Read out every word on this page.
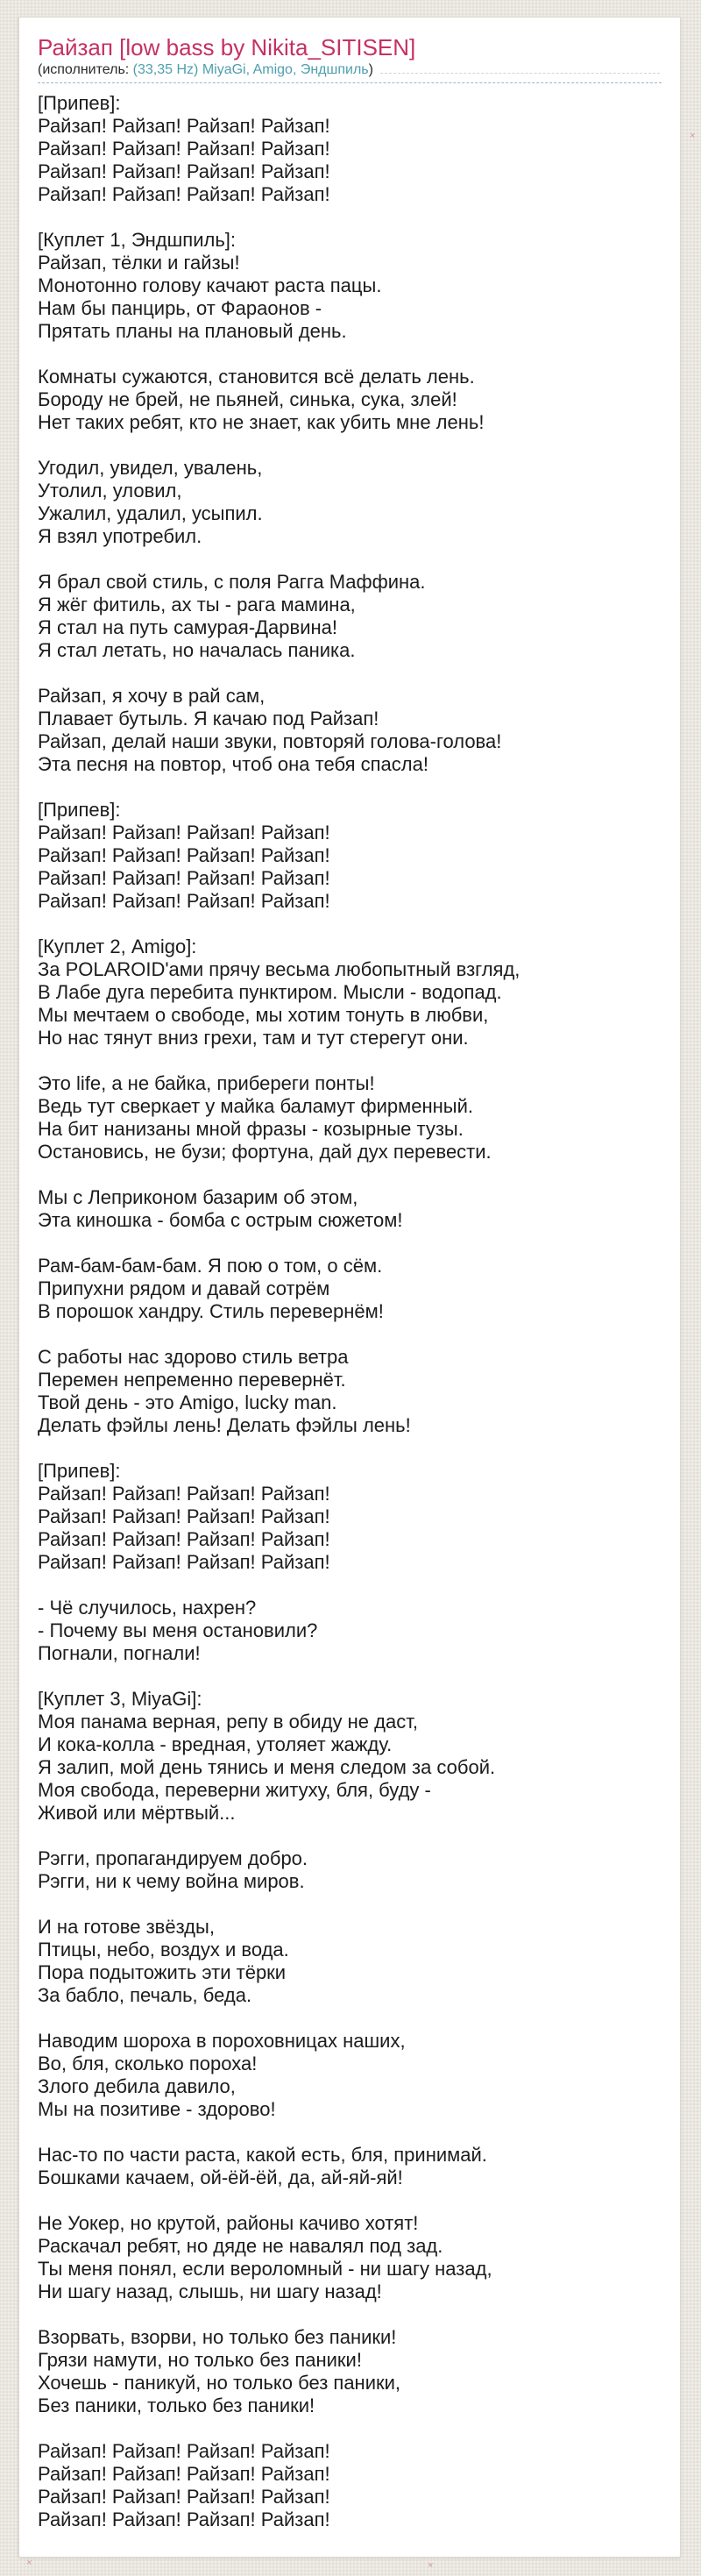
Райзап [low bass by Nikita_SITISEN]
(исполнитель: (33,35 Hz) MiyaGi, Amigo, Эндшпиль )
[Припев]:
Райзап! Райзап! Райзап! Райзап!
Райзап! Райзап! Райзап! Райзап!
Райзап! Райзап! Райзап! Райзап!
Райзап! Райзап! Райзап! Райзап!

[Куплет 1, Эндшпиль]:
Райзап, тёлки и гайзы!
Монотонно голову качают раста пацы.
Нам бы панцирь, от Фараонов -
Прятать планы на плановый день.

Комнаты сужаются, становится всё делать лень.
Бороду не брей, не пьяней, синька, сука, злей!
Нет таких ребят, кто не знает, как убить мне лень!

Угодил, увидел, увалень,
Утолил, уловил,
Ужалил, удалил, усыпил.
Я взял употребил.

Я брал свой стиль, с поля Рагга Маффина.
Я жёг фитиль, ах ты - рага мамина,
Я стал на путь самурая-Дарвина!
Я стал летать, но началась паника.

Райзап, я хочу в рай сам,
Плавает бутыль. Я качаю под Райзап!
Райзап, делай наши звуки, повторяй голова-голова!
Эта песня на повтор, чтоб она тебя спасла!

[Припев]:
Райзап! Райзап! Райзап! Райзап!
Райзап! Райзап! Райзап! Райзап!
Райзап! Райзап! Райзап! Райзап!
Райзап! Райзап! Райзап! Райзап!

[Куплет 2, Amigo]:
За POLAROID'ами прячу весьма любопытный взгляд,
В Лабе дуга перебита пунктиром. Мысли - водопад.
Мы мечтаем о свободе, мы хотим тонуть в любви,
Но нас тянут вниз грехи, там и тут стерегут они.

Это life, а не байка, прибереги понты!
Ведь тут сверкает у майка баламут фирменный.
На бит нанизаны мной фразы - козырные тузы.
Остановись, не бузи; фортуна, дай дух перевести.

Мы с Леприконом базарим об этом,
Эта киношка - бомба с острым сюжетом!

Рам-бам-бам-бам. Я пою о том, о сём.
Припухни рядом и давай сотрём
В порошок хандру. Стиль перевернём!

С работы нас здорово стиль ветра
Перемен непременно перевернёт.
Твой день - это Amigo, lucky man.
Делать фэйлы лень! Делать фэйлы лень!

[Припев]:
Райзап! Райзап! Райзап! Райзап!
Райзап! Райзап! Райзап! Райзап!
Райзап! Райзап! Райзап! Райзап!
Райзап! Райзап! Райзап! Райзап!

- Чё случилось, нахрен?
- Почему вы меня остановили?
Погнали, погнали!

[Куплет 3, MiyaGi]:
Моя панама верная, репу в обиду не даст,
И кока-колла - вредная, утоляет жажду.
Я залип, мой день тянись и меня следом за собой.
Моя свобода, переверни житуху, бля, буду -
Живой или мёртвый...

Рэгги, пропагандируем добро.
Рэгги, ни к чему война миров.

И на готове звёзды,
Птицы, небо, воздух и вода.
Пора подытожить эти тёрки
За бабло, печаль, беда.

Наводим шороха в пороховницах наших,
Во, бля, сколько пороха!
Злого дебила давило,
Мы на позитиве - здорово!

Нас-то по части раста, какой есть, бля, принимай.
Бошками качаем, ой-ёй-ёй, да, ай-яй-яй!

Не Уокер, но крутой, районы качиво хотят!
Раскачал ребят, но дяде не навалял под зад.
Ты меня понял, если вероломный - ни шагу назад,
Ни шагу назад, слышь, ни шагу назад!

Взорвать, взорви, но только без паники!
Грязи намути, но только без паники!
Хочешь - паникуй, но только без паники,
Без паники, только без паники!

Райзап! Райзап! Райзап! Райзап!
Райзап! Райзап! Райзап! Райзап!
Райзап! Райзап! Райзап! Райзап!
Райзап! Райзап! Райзап! Райзап!
×	×
×
